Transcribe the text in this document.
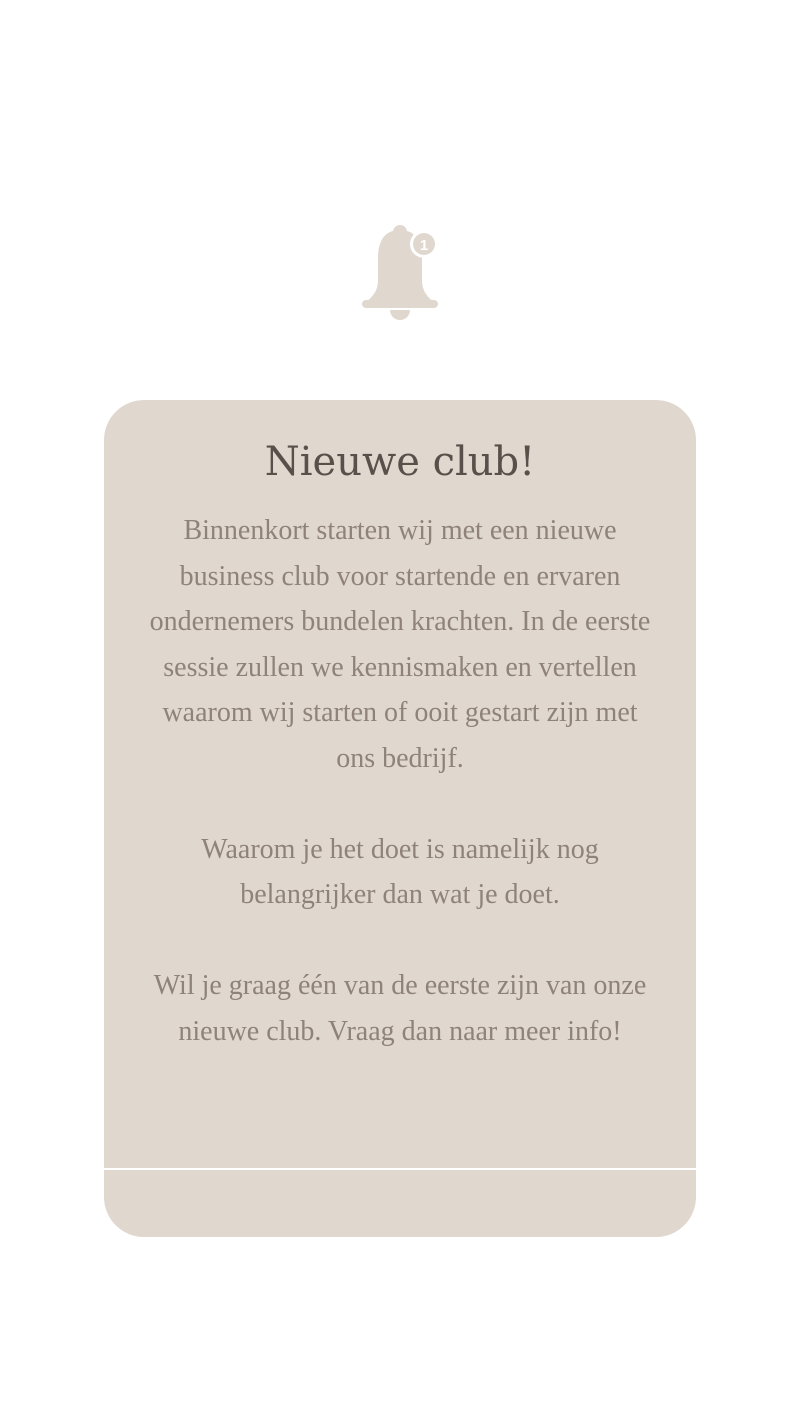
1
Nieuwe club!

Binnenkort starten wij met een nieuwe business club voor startende en ervaren ondernemers bundelen krachten. In de eerste sessie zullen we kennismaken en vertellen waarom wij starten of ooit gestart zijn met ons bedrijf.

Waarom je het doet is namelijk nog belangrijker dan wat je doet.

Wil je graag één van de eerste zijn van onze nieuwe club. Vraag dan naar meer info!
